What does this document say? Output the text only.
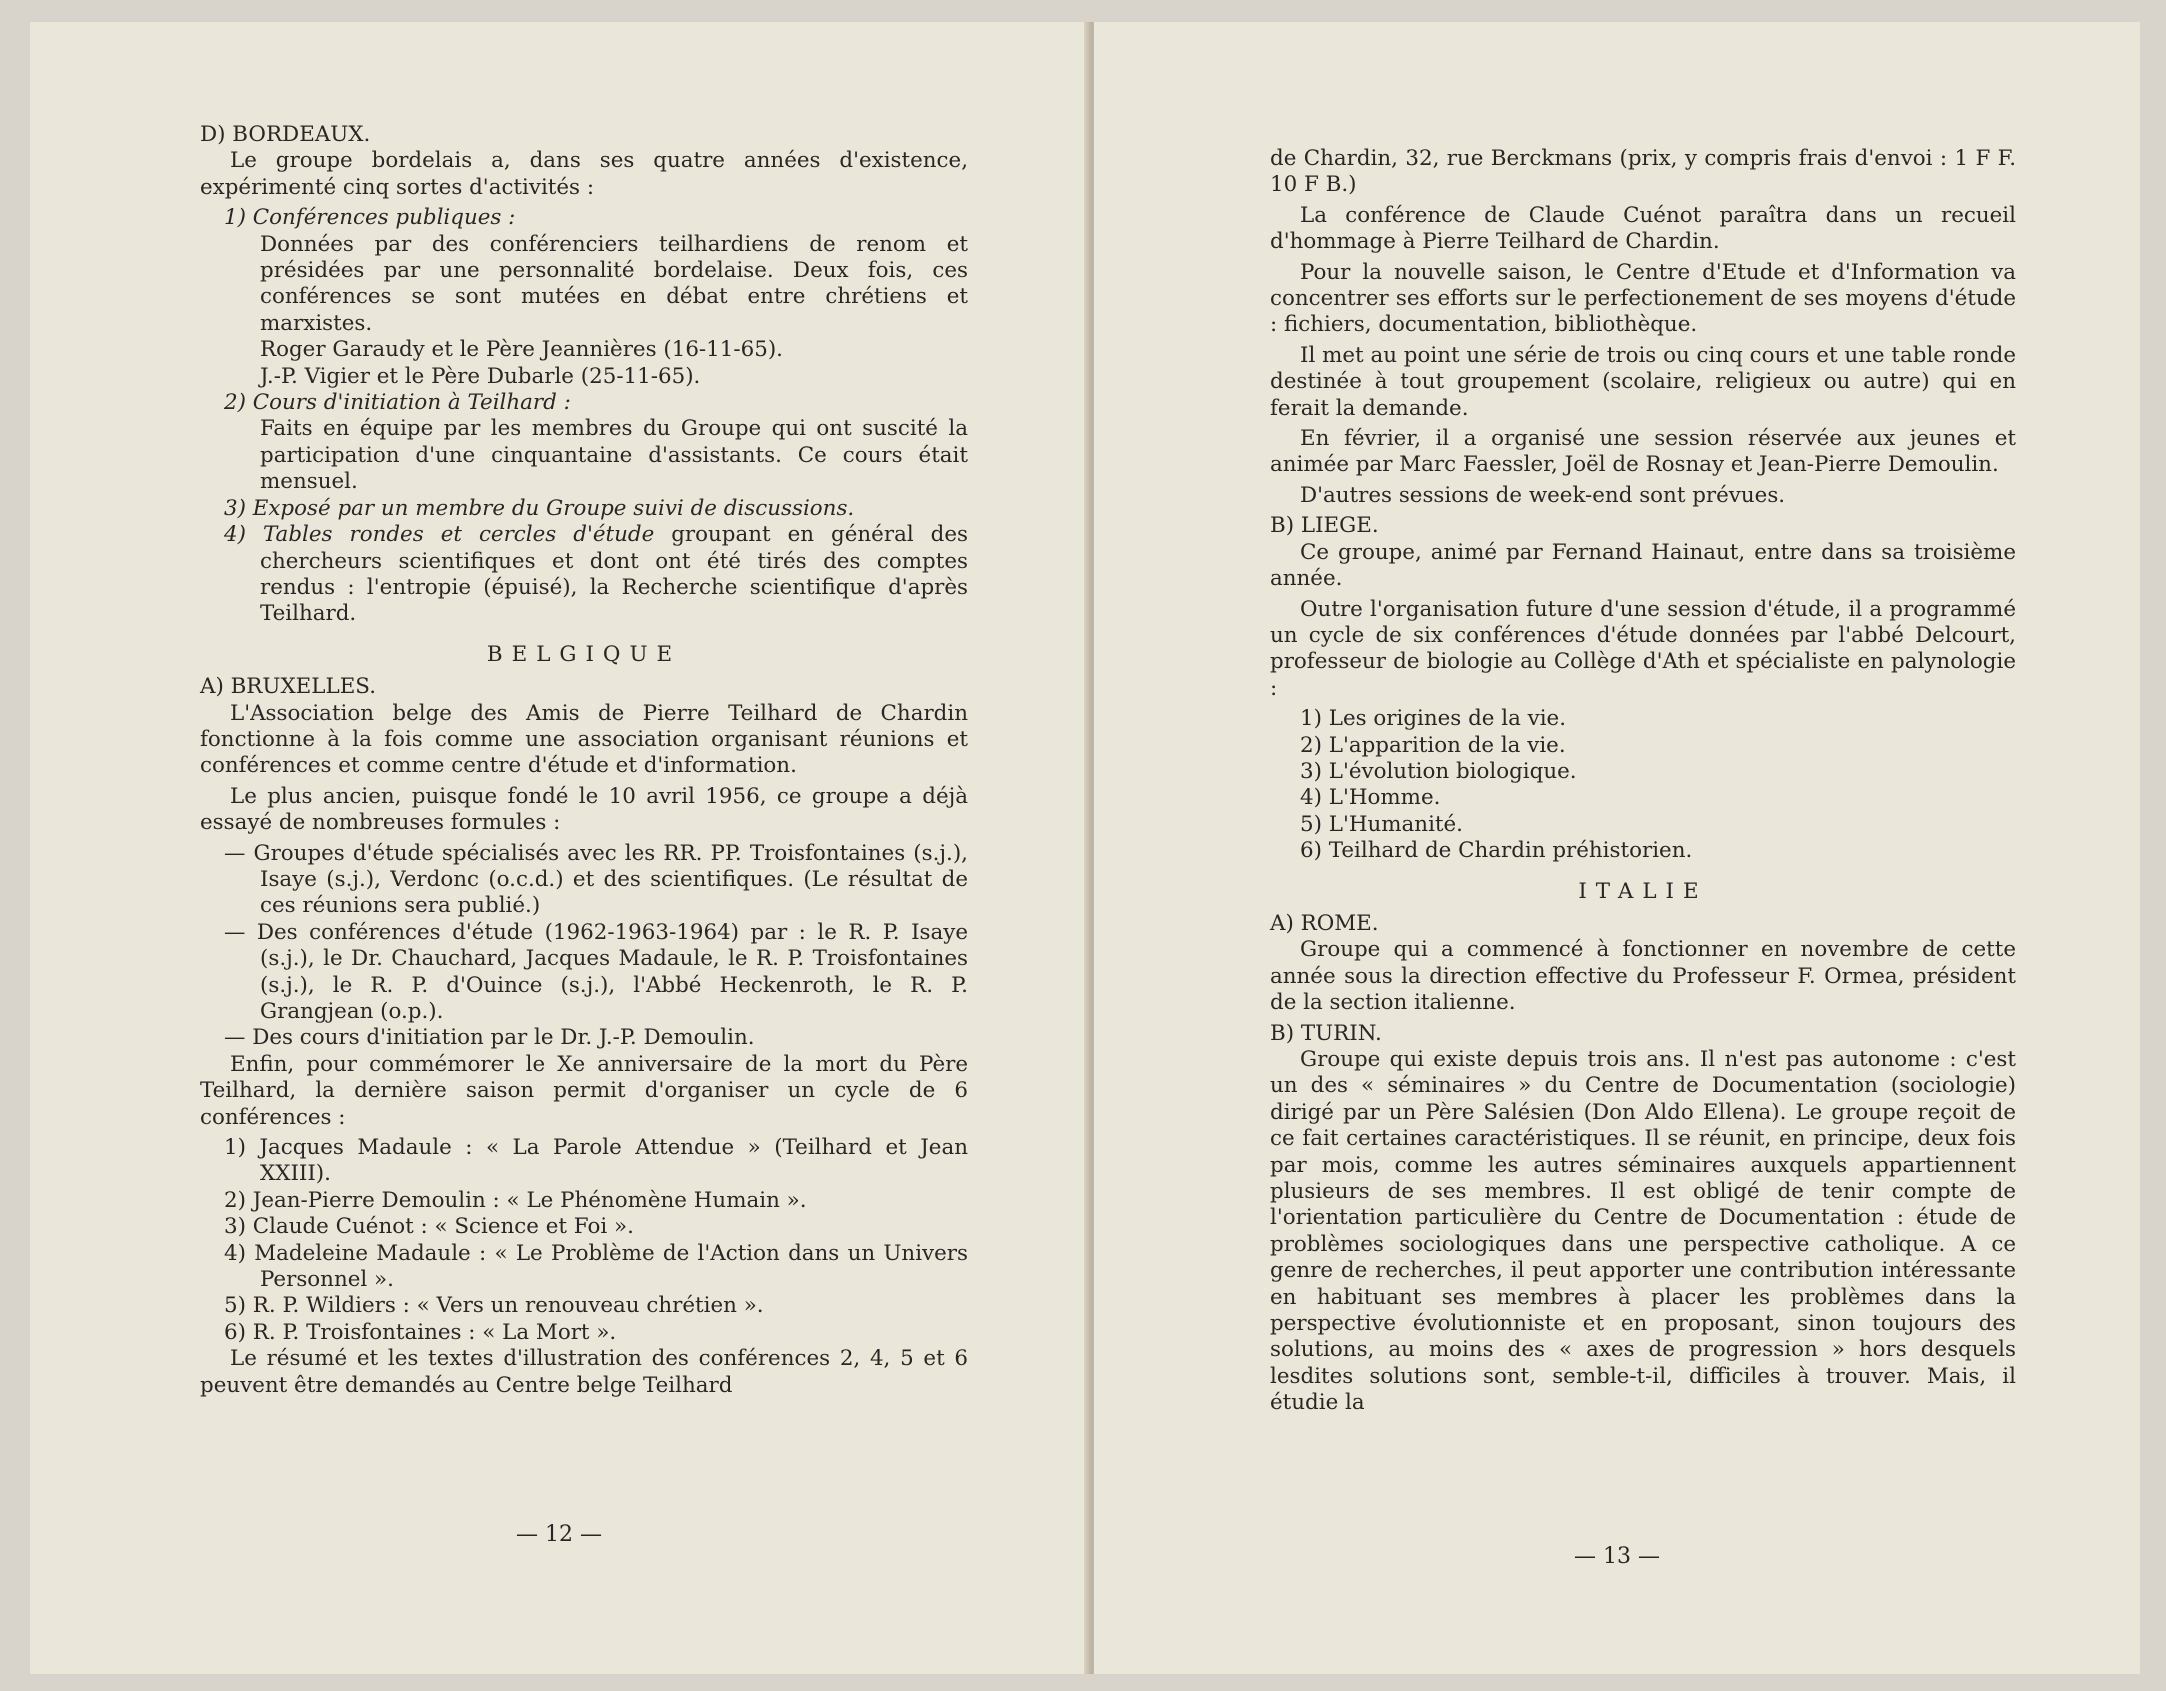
D) BORDEAUX.

Le groupe bordelais a, dans ses quatre années d'existence, expérimenté cinq sortes d'activités :

1) Conférences publiques :

Données par des conférenciers teilhardiens de renom et présidées par une personnalité bordelaise. Deux fois, ces conférences se sont mutées en débat entre chrétiens et marxistes.

Roger Garaudy et le Père Jeannières (16-11-65).

J.-P. Vigier et le Père Dubarle (25-11-65).

2) Cours d'initiation à Teilhard :

Faits en équipe par les membres du Groupe qui ont suscité la participation d'une cinquantaine d'assistants. Ce cours était mensuel.

3) Exposé par un membre du Groupe suivi de discussions.

4) Tables rondes et cercles d'étude groupant en général des chercheurs scientifiques et dont ont été tirés des comptes rendus : l'entropie (épuisé), la Recherche scientifique d'après Teilhard.

BELGIQUE

A) BRUXELLES.

L'Association belge des Amis de Pierre Teilhard de Chardin fonctionne à la fois comme une association organisant réunions et conférences et comme centre d'étude et d'information.

Le plus ancien, puisque fondé le 10 avril 1956, ce groupe a déjà essayé de nombreuses formules :

— Groupes d'étude spécialisés avec les RR. PP. Troisfontaines (s.j.), Isaye (s.j.), Verdonc (o.c.d.) et des scientifiques. (Le résultat de ces réunions sera publié.)

— Des conférences d'étude (1962-1963-1964) par : le R. P. Isaye (s.j.), le Dr. Chauchard, Jacques Madaule, le R. P. Troisfontaines (s.j.), le R. P. d'Ouince (s.j.), l'Abbé Heckenroth, le R. P. Grangjean (o.p.).

— Des cours d'initiation par le Dr. J.-P. Demoulin.

Enfin, pour commémorer le Xe anniversaire de la mort du Père Teilhard, la dernière saison permit d'organiser un cycle de 6 conférences :

1) Jacques Madaule : « La Parole Attendue » (Teilhard et Jean XXIII).

2) Jean-Pierre Demoulin : « Le Phénomène Humain ».

3) Claude Cuénot : « Science et Foi ».

4) Madeleine Madaule : « Le Problème de l'Action dans un Univers Personnel ».

5) R. P. Wildiers : « Vers un renouveau chrétien ».

6) R. P. Troisfontaines : « La Mort ».

Le résumé et les textes d'illustration des conférences 2, 4, 5 et 6 peuvent être demandés au Centre belge Teilhard

— 12 —

de Chardin, 32, rue Berckmans (prix, y compris frais d'envoi : 1 F F. 10 F B.)

La conférence de Claude Cuénot paraîtra dans un recueil d'hommage à Pierre Teilhard de Chardin.

Pour la nouvelle saison, le Centre d'Etude et d'Information va concentrer ses efforts sur le perfectionement de ses moyens d'étude : fichiers, documentation, bibliothèque.

Il met au point une série de trois ou cinq cours et une table ronde destinée à tout groupement (scolaire, religieux ou autre) qui en ferait la demande.

En février, il a organisé une session réservée aux jeunes et animée par Marc Faessler, Joël de Rosnay et Jean-Pierre Demoulin.

D'autres sessions de week-end sont prévues.

B) LIEGE.

Ce groupe, animé par Fernand Hainaut, entre dans sa troisième année.

Outre l'organisation future d'une session d'étude, il a programmé un cycle de six conférences d'étude données par l'abbé Delcourt, professeur de biologie au Collège d'Ath et spécialiste en palynologie :

1) Les origines de la vie.

2) L'apparition de la vie.

3) L'évolution biologique.

4) L'Homme.

5) L'Humanité.

6) Teilhard de Chardin préhistorien.

ITALIE

A) ROME.

Groupe qui a commencé à fonctionner en novembre de cette année sous la direction effective du Professeur F. Ormea, président de la section italienne.

B) TURIN.

Groupe qui existe depuis trois ans. Il n'est pas autonome : c'est un des « séminaires » du Centre de Documentation (sociologie) dirigé par un Père Salésien (Don Aldo Ellena). Le groupe reçoit de ce fait certaines caractéristiques. Il se réunit, en principe, deux fois par mois, comme les autres séminaires auxquels appartiennent plusieurs de ses membres. Il est obligé de tenir compte de l'orientation particulière du Centre de Documentation : étude de problèmes sociologiques dans une perspective catholique. A ce genre de recherches, il peut apporter une contribution intéressante en habituant ses membres à placer les problèmes dans la perspective évolutionniste et en proposant, sinon toujours des solutions, au moins des « axes de progression » hors desquels lesdites solutions sont, semble-t-il, difficiles à trouver. Mais, il étudie la

— 13 —
